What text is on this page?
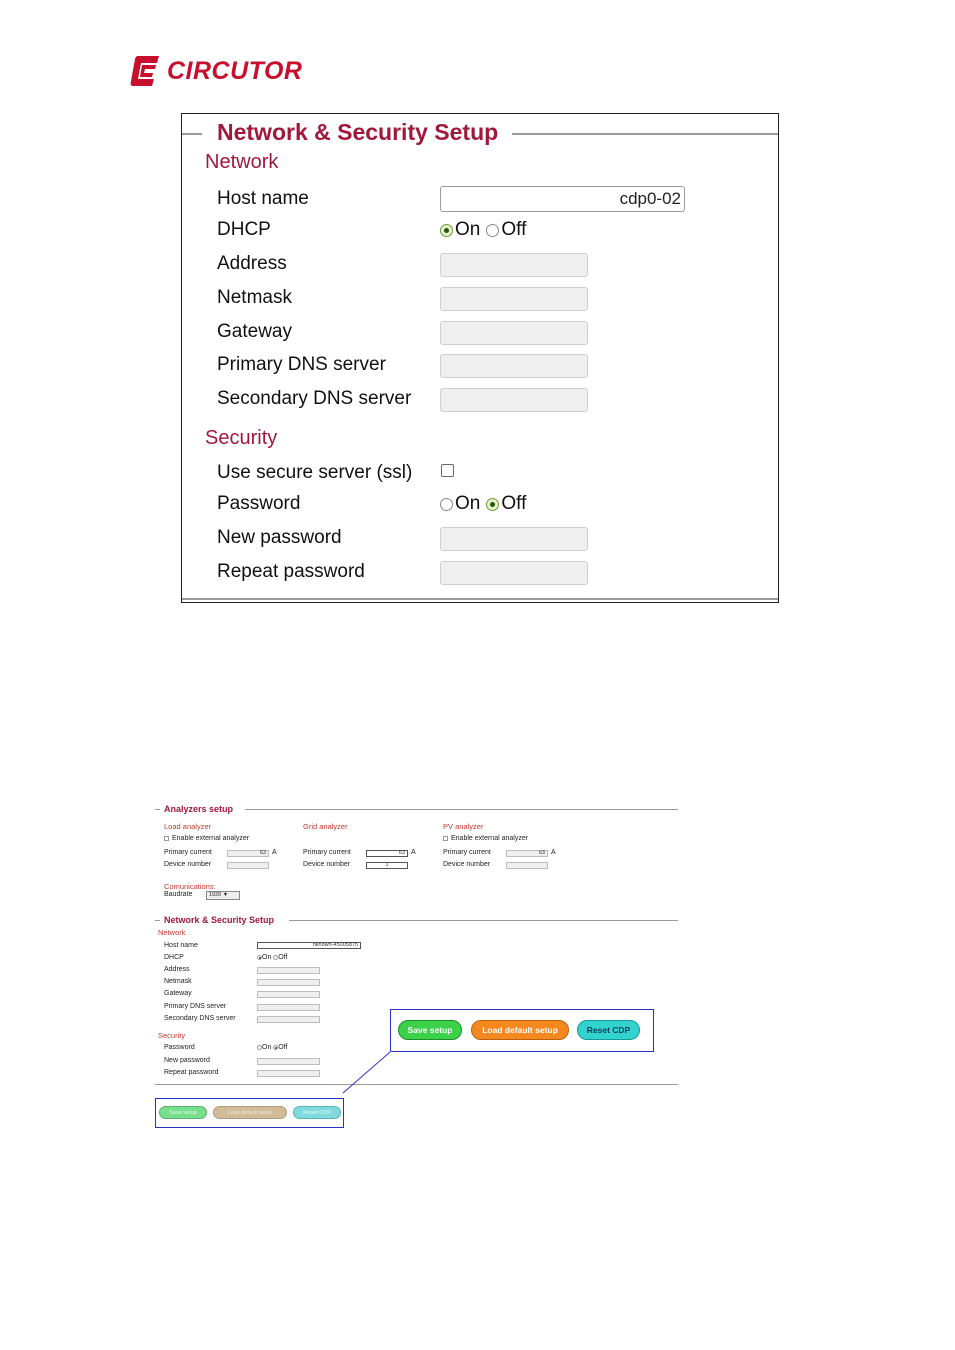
CIRCUTOR
Network & Security Setup
Network
Host name	cdp0-02
DHCP	On Off
Address
Netmask
Gateway
Primary DNS server
Secondary DNS server
Security
Use secure server (ssl)
Password	On Off
New password
Repeat password
Analyzers setup
Load analyzer
Enable external analyzer
Primary current	63 A
Device number
Grid analyzer
Primary current	63 A
Device number	1
PV analyzer
Enable external analyzer
Primary current	63 A
Device number
Comunications:
Baudrate	1920 ▼
Network & Security Setup
Network
Host name	nknown-45005875
DHCP	On Off
Address
Netmask
Gateway
Primary DNS server
Secondary DNS server
Security
Password	On Off
New password
Repeat password
Save setup	Load default setup	Reset CDP
Save setup	Load default setup	Reset CDP
